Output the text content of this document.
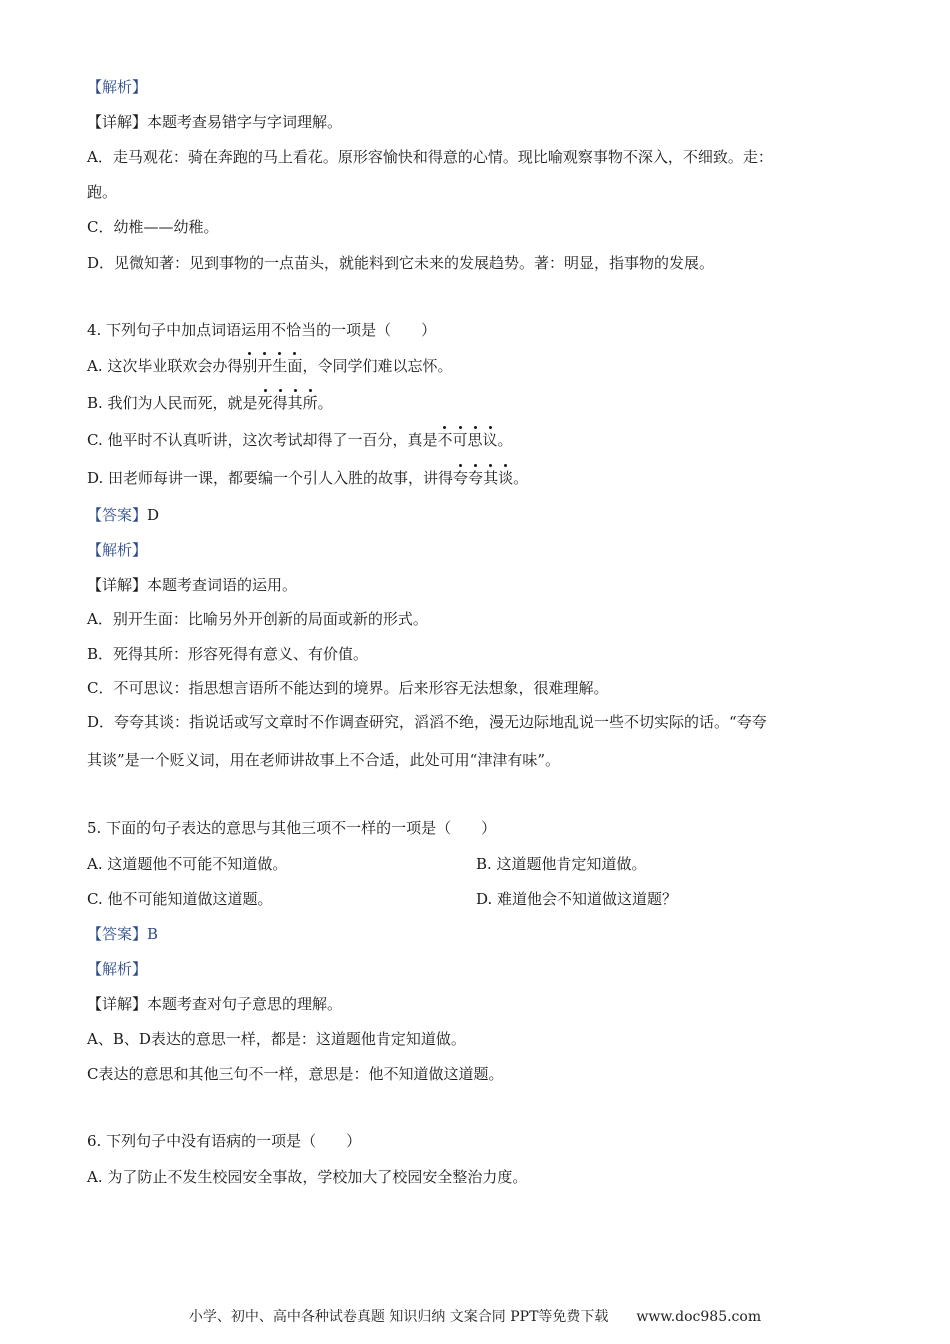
【解析】
【详解】本题考查易错字与字词理解。
A．走马观花：骑在奔跑的马上看花。原形容愉快和得意的心情。现比喻观察事物不深入，不细致。走：
跑。
C．幼椎——幼稚。
D．见微知著：见到事物的一点苗头，就能料到它未来的发展趋势。著：明显，指事物的发展。
4. 下列句子中加点词语运用不恰当的一项是（　　）
A. 这次毕业联欢会办得别开生面，令同学们难以忘怀。
B. 我们为人民而死，就是死得其所。
C. 他平时不认真听讲，这次考试却得了一百分，真是不可思议。
D. 田老师每讲一课，都要编一个引人入胜的故事，讲得夸夸其谈。
【答案】D
【解析】
【详解】本题考查词语的运用。
A．别开生面：比喻另外开创新的局面或新的形式。
B．死得其所：形容死得有意义、有价值。
C．不可思议：指思想言语所不能达到的境界。后来形容无法想象，很难理解。
D．夸夸其谈：指说话或写文章时不作调查研究，滔滔不绝，漫无边际地乱说一些不切实际的话。“夸夸
其谈”是一个贬义词，用在老师讲故事上不合适，此处可用“津津有味”。
5. 下面的句子表达的意思与其他三项不一样的一项是（　　）
A. 这道题他不可能不知道做。	B. 这道题他肯定知道做。
C. 他不可能知道做这道题。	D. 难道他会不知道做这道题？
【答案】B
【解析】
【详解】本题考查对句子意思的理解。
A、B、D表达的意思一样，都是：这道题他肯定知道做。
C表达的意思和其他三句不一样，意思是：他不知道做这道题。
6. 下列句子中没有语病的一项是（　　）
A. 为了防止不发生校园安全事故，学校加大了校园安全整治力度。
小学、初中、高中各种试卷真题 知识归纳 文案合同 PPT等免费下载　　www.doc985.com
